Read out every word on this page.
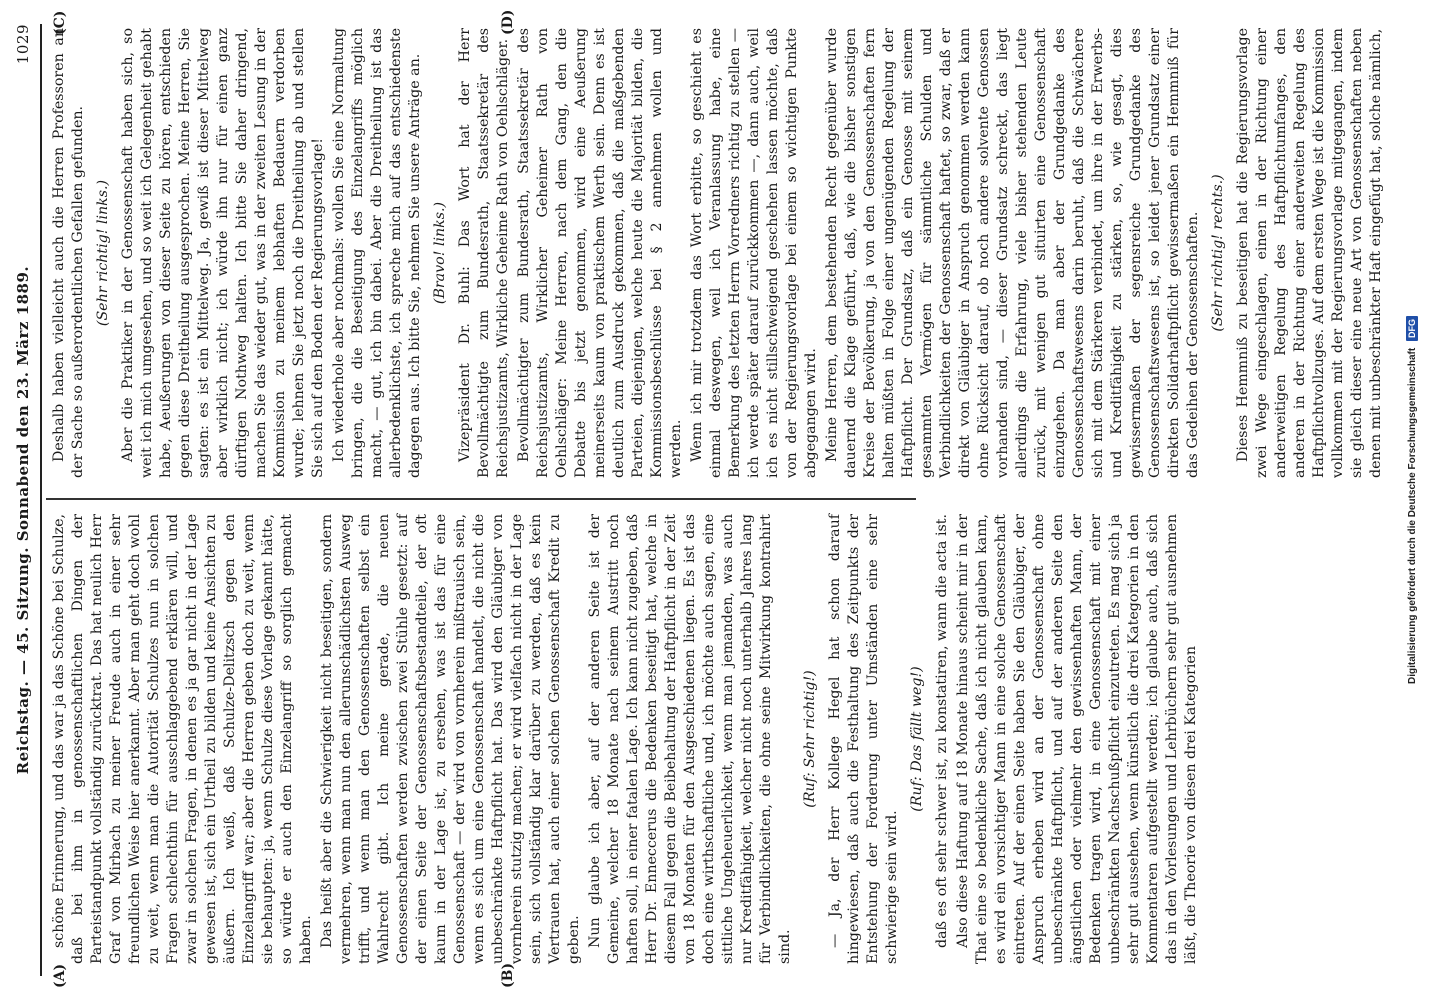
Reichstag. — 45. Sitzung. Sonnabend den 23. März 1889.
1029
(A)	(B)
(C)	(D)

schöne Erinnerung, und das war ja das Schöne bei Schulze, daß bei ihm in genossenschaftlichen Dingen der Parteistandpunkt vollständig zurücktrat. Das hat neulich Herr Graf von Mirbach zu meiner Freude auch in einer sehr freundlichen Weise hier anerkannt. Aber man geht doch wohl zu weit, wenn man die Autorität Schulzes nun in solchen Fragen schlechthin für ausschlaggebend erklären will, und zwar in solchen Fragen, in denen es ja gar nicht in der Lage gewesen ist, sich ein Urtheil zu bilden und keine Ansichten zu äußern. Ich weiß, daß Schulze-Delitzsch gegen den Einzelangriff war; aber die Herren geben doch zu weit, wenn sie behaupten: ja, wenn Schulze diese Vorlage gekannt hätte, so würde er auch den Einzelangriff so sorglich gemacht haben. Das heißt aber die Schwierigkeit nicht beseitigen, sondern vermehren, wenn man nun den allerunschädlichsten Ausweg trifft, und wenn man den Genossenschaften selbst ein Wahlrecht gibt. Ich meine gerade, die neuen Genossenschaften werden zwischen zwei Stühle gesetzt: auf der einen Seite der Genossenschaftsbestandteile, der oft kaum in der Lage ist, zu ersehen, was ist das für eine Genossenschaft — der wird von vornherein mißtrauisch sein, wenn es sich um eine Genossenschaft handelt, die nicht die unbeschränkte Haftpflicht hat. Das wird den Gläubiger von vornherein stutzig machen; er wird vielfach nicht in der Lage sein, sich vollständig klar darüber zu werden, daß es kein Vertrauen hat, auch einer solchen Genossenschaft Kredit zu geben. Nun glaube ich aber, auf der anderen Seite ist der Gemeine, welcher 18 Monate nach seinem Austritt noch haften soll, in einer fatalen Lage. Ich kann nicht zugeben, daß Herr Dr. Enneccerus die Bedenken beseitigt hat, welche in diesem Fall gegen die Beibehaltung der Haftpflicht in der Zeit von 18 Monaten für den Ausgeschiedenen liegen. Es ist das doch eine wirthschaftliche und, ich möchte auch sagen, eine sittliche Ungeheuerlichkeit, wenn man jemanden, was auch nur Kreditfähigkeit, welcher nicht noch unterhalb Jahres lang für Verbindlichkeiten, die ohne seine Mitwirkung kontrahirt sind.

(Ruf: Sehr richtig!) — Ja, der Herr Kollege Hegel hat schon darauf hingewiesen, daß auch die Festhaltung des Zeitpunkts der Entstehung der Forderung unter Umständen eine sehr schwierige sein wird.

(Ruf: Das fällt weg!) daß es oft sehr schwer ist, zu konstatiren, wann die acta ist. Also diese Haftung auf 18 Monate hinaus scheint mir in der That eine so bedenkliche Sache, daß ich nicht glauben kann, es wird ein vorsichtiger Mann in eine solche Genossenschaft eintreten. Auf der einen Seite haben Sie den Gläubiger, der Anspruch erheben wird an der Genossenschaft ohne unbeschränkte Haftpflicht, und auf der anderen Seite den ängstlichen oder vielmehr den gewissenhaften Mann, der Bedenken tragen wird, in eine Genossenschaft mit einer unbeschränkten Nachschußpflicht einzutreten. Es mag sich ja sehr gut aussehen, wenn künstlich die drei Kategorien in den Kommentaren aufgestellt werden; ich glaube auch, daß sich das in den Vorlesungen und Lehrbüchern sehr gut ausnehmen läßt, die Theorie von diesen drei Kategorien

Deshalb haben vielleicht auch die Herren Professoren an der Sache so außerordentlichen Gefallen gefunden. (Sehr richtig! links.) Aber die Praktiker in der Genossenschaft haben sich, so weit ich mich umgesehen, und so weit ich Gelegenheit gehabt habe, Aeußerungen von dieser Seite zu hören, entschieden gegen diese Dreitheilung ausgesprochen. Meine Herren, Sie sagten: es ist ein Mittelweg. Ja, gewiß ist dieser Mittelweg aber wirklich nicht; ich würde ihn nur für einen ganz dürftigen Nothweg halten. Ich bitte Sie daher dringend, machen Sie das wieder gut, was in der zweiten Lesung in der Kommission zu meinem lebhaften Bedauern verdorben wurde; lehnen Sie jetzt noch die Dreitheilung ab und stellen Sie sich auf den Boden der Regierungsvorlage! Ich wiederhole aber nochmals: wollen Sie eine Normaltung bringen, die die Beseitigung des Einzelangriffs möglich macht, — gut, ich bin dabei. Aber die Dreitheilung ist das allerbedenklichste, ich spreche mich auf das entschiedenste dagegen aus. Ich bitte Sie, nehmen Sie unsere Anträge an. (Bravo! links.) Vizepräsident Dr. Buhl: Das Wort hat der Herr Bevollmächtigte zum Bundesrath, Staatssekretär des Reichsjustizamts, Wirkliche Geheime Rath von Oehlschläger. Bevollmächtigter zum Bundesrath, Staatssekretär des Reichsjustizamts, Wirklicher Geheimer Rath von Oehlschläger: Meine Herren, nach dem Gang, den die Debatte bis jetzt genommen, wird eine Aeußerung meinerseits kaum von praktischem Werth sein. Denn es ist deutlich zum Ausdruck gekommen, daß die maßgebenden Parteien, diejenigen, welche heute die Majorität bilden, die Kommissionsbeschlüsse bei § 2 annehmen wollen und werden. Wenn ich mir trotzdem das Wort erbitte, so geschieht es einmal deswegen, weil ich Veranlassung habe, eine Bemerkung des letzten Herrn Vorredners richtig zu stellen — ich werde später darauf zurückkommen —, dann auch, weil ich es nicht stillschweigend geschehen lassen möchte, daß von der Regierungsvorlage bei einem so wichtigen Punkte abgegangen wird. Meine Herren, dem bestehenden Recht gegenüber wurde dauernd die Klage geführt, daß, wie die bisher sonstigen Kreise der Bevölkerung, ja von den Genossenschaften fern halten müßten in Folge einer ungenügenden Regelung der Haftpflicht. Der Grundsatz, daß ein Genosse mit seinem gesammten Vermögen für sämmtliche Schulden und Verbindlichkeiten der Genossenschaft haftet, so zwar, daß er direkt von Gläubiger in Anspruch genommen werden kann ohne Rücksicht darauf, ob noch andere solvente Genossen vorhanden sind, — dieser Grundsatz schreckt, das liegt allerdings die Erfahrung, viele bisher stehenden Leute zurück, mit wenigen gut situirten eine Genossenschaft einzugehen. Da man aber der Grundgedanke des Genossenschaftswesens darin beruht, daß die Schwächere sich mit dem Stärkeren verbindet, um ihre in der Erwerbs- und Kreditfähigkeit zu stärken, so, wie gesagt, dies gewissermaßen der segensreiche Grundgedanke des Genossenschaftswesens ist, so leidet jener Grundsatz einer direkten Solidarhaftpflicht gewissermaßen ein Hemmniß für das Gedeihen der Genossenschaften. (Sehr richtig! rechts.) Dieses Hemmniß zu beseitigen hat die Regierungsvorlage zwei Wege eingeschlagen, einen in der Richtung einer anderweitigen Regelung des Haftpflichtumfanges, den anderen in der Richtung einer anderweiten Regelung des Haftpflichtvollzuges. Auf dem ersten Wege ist die Kommission vollkommen mit der Regierungsvorlage mitgegangen, indem sie gleich dieser eine neue Art von Genossenschaften neben denen mit unbeschränkter Haft eingefügt hat, solche nämlich,

Digitalisierung gefördert durch die Deutsche Forschungsgemeinschaft DFG
